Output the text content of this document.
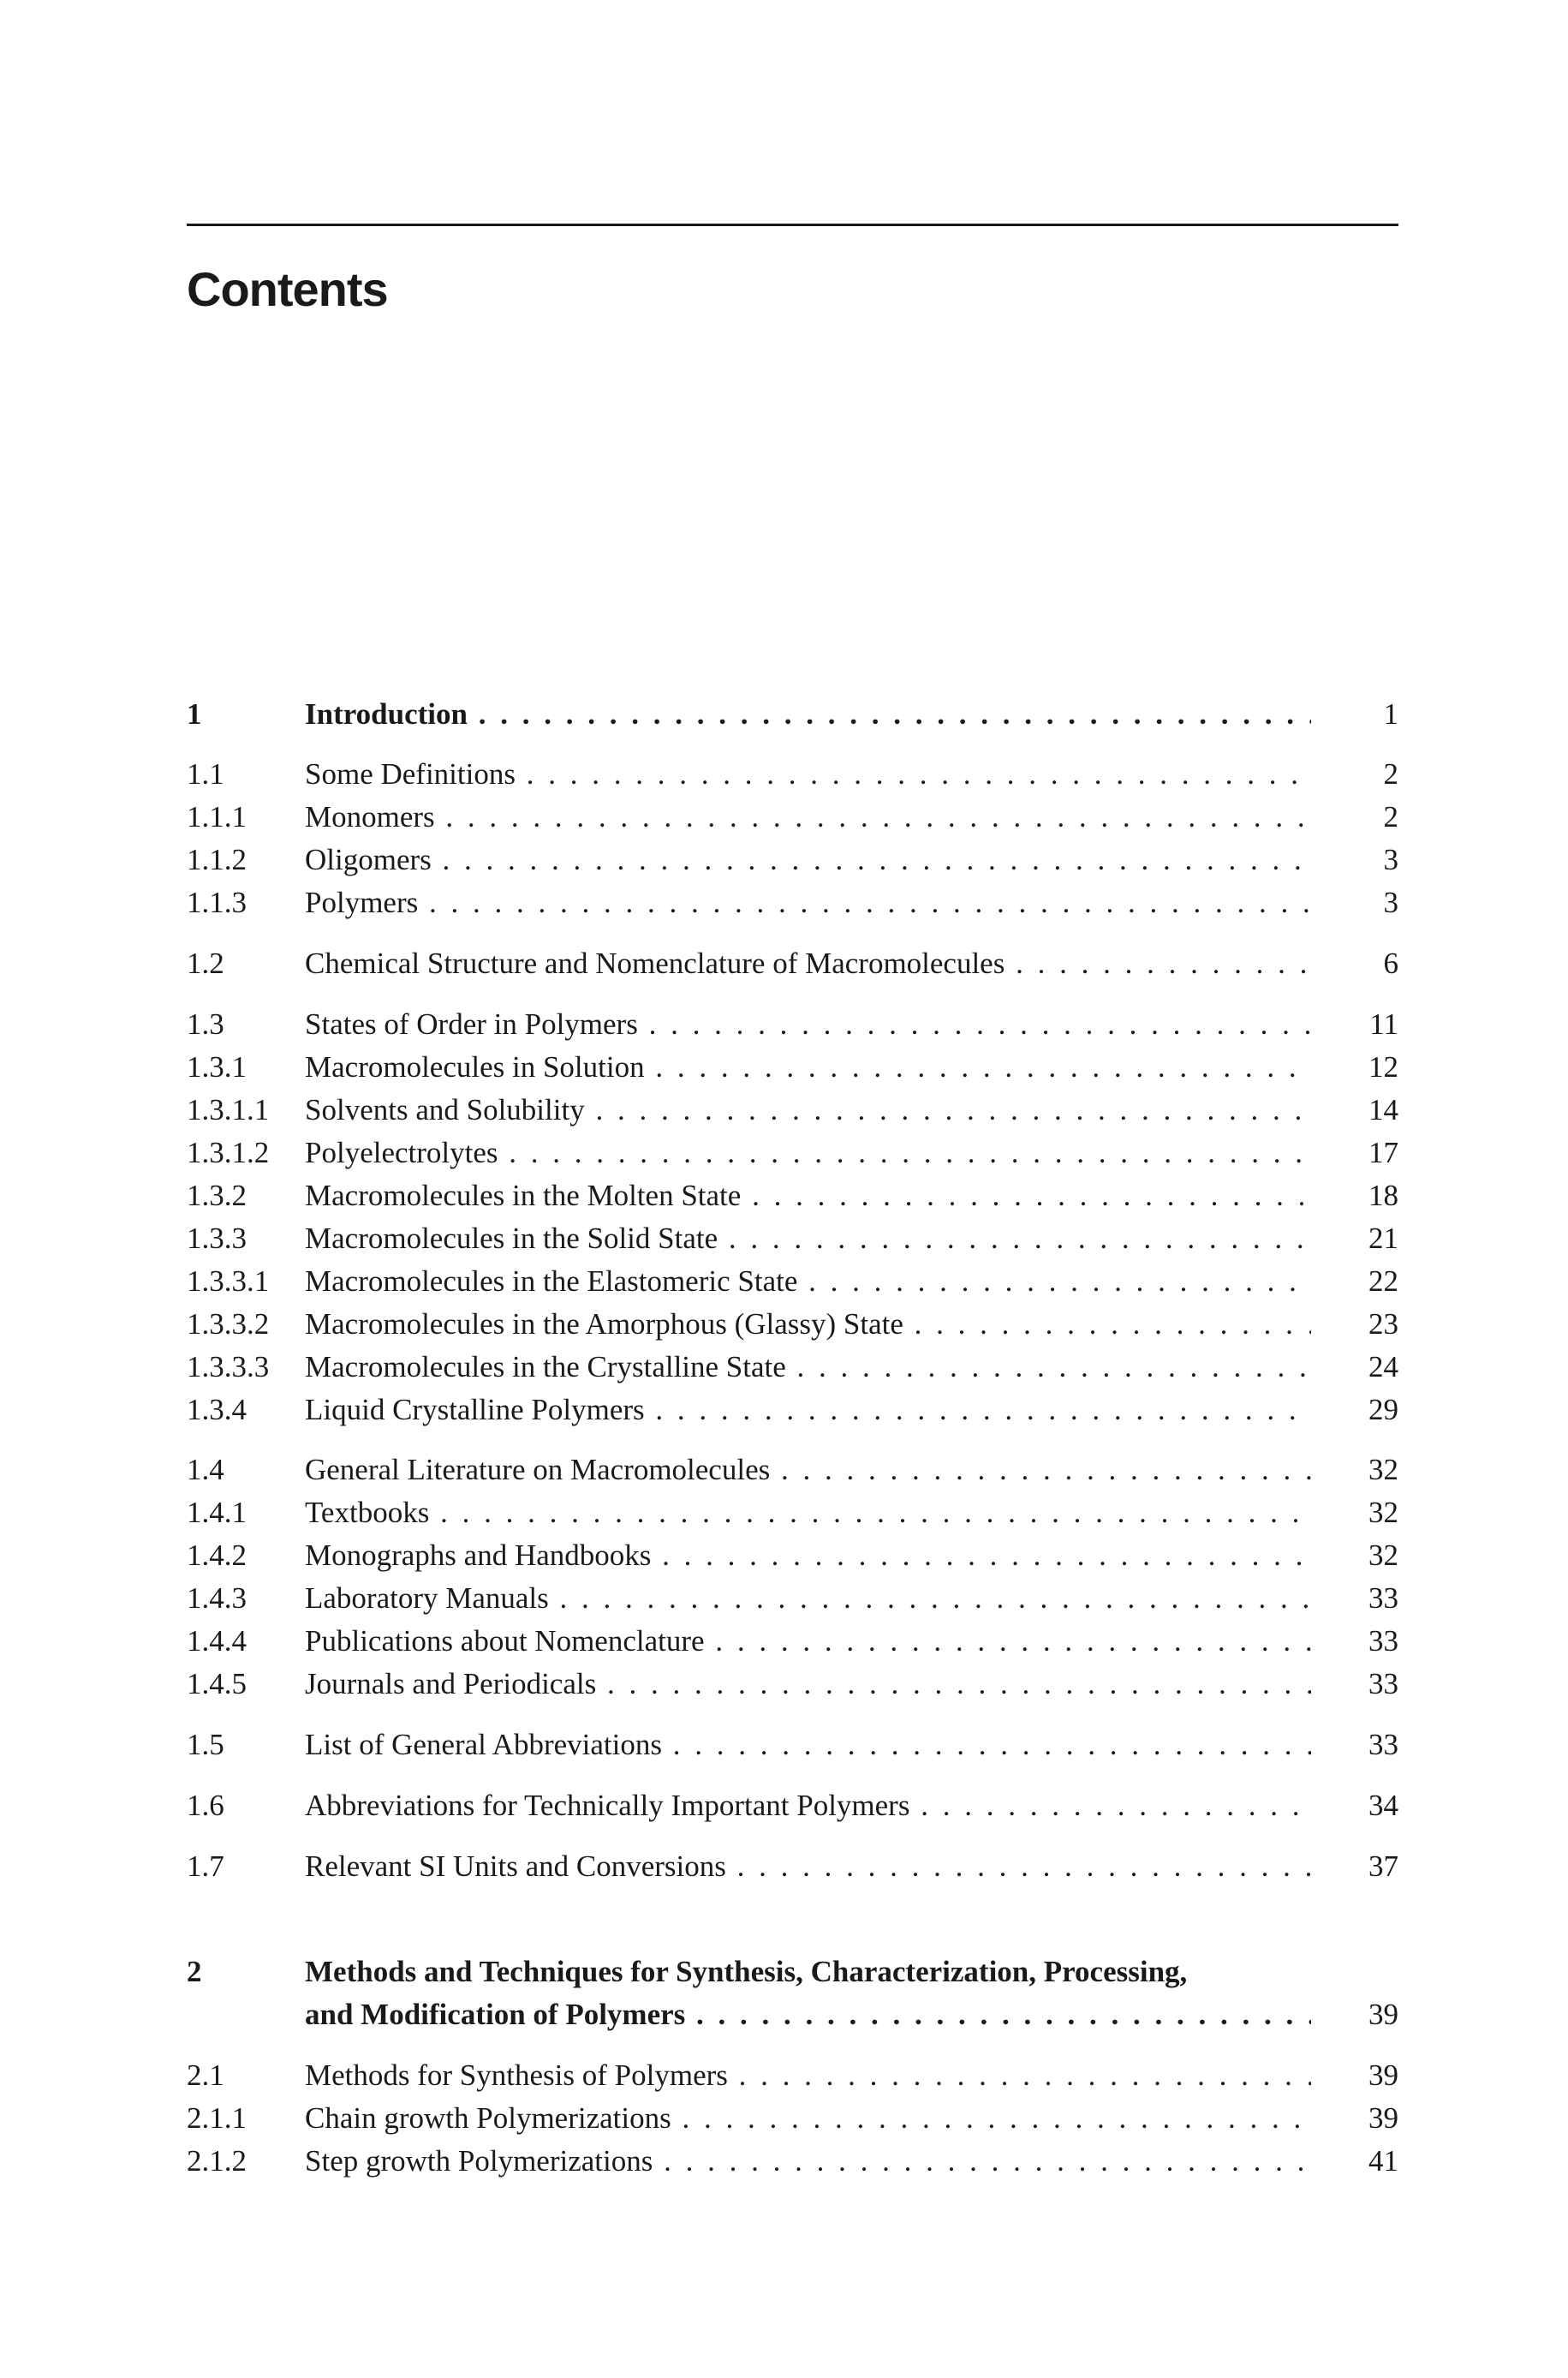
Contents
1	Introduction . . .	1
1.1	Some Definitions . . .	2
1.1.1 Monomers . . .	2
1.1.2 Oligomers . . .	3
1.1.3 Polymers . . .	3
1.2	Chemical Structure and Nomenclature of Macromolecules . . .	6
1.3	States of Order in Polymers . . .	11
1.3.1 Macromolecules in Solution . . .	12
1.3.1.1 Solvents and Solubility . . .	14
1.3.1.2 Polyelectrolytes . . .	17
1.3.2 Macromolecules in the Molten State . . .	18
1.3.3 Macromolecules in the Solid State . . .	21
1.3.3.1 Macromolecules in the Elastomeric State . . .	22
1.3.3.2 Macromolecules in the Amorphous (Glassy) State . . .	23
1.3.3.3 Macromolecules in the Crystalline State . . .	24
1.3.4 Liquid Crystalline Polymers . . .	29
1.4	General Literature on Macromolecules . . .	32
1.4.1 Textbooks . . .	32
1.4.2 Monographs and Handbooks . . .	32
1.4.3 Laboratory Manuals . . .	33
1.4.4 Publications about Nomenclature . . .	33
1.4.5 Journals and Periodicals . . .	33
1.5	List of General Abbreviations . . .	33
1.6	Abbreviations for Technically Important Polymers . . .	34
1.7	Relevant SI Units and Conversions . . .	37
2	Methods and Techniques for Synthesis, Characterization, Processing,
and Modification of Polymers . . .	39
2.1	Methods for Synthesis of Polymers . . .	39
2.1.1 Chain growth Polymerizations . . .	39
2.1.2 Step growth Polymerizations . . .	41
